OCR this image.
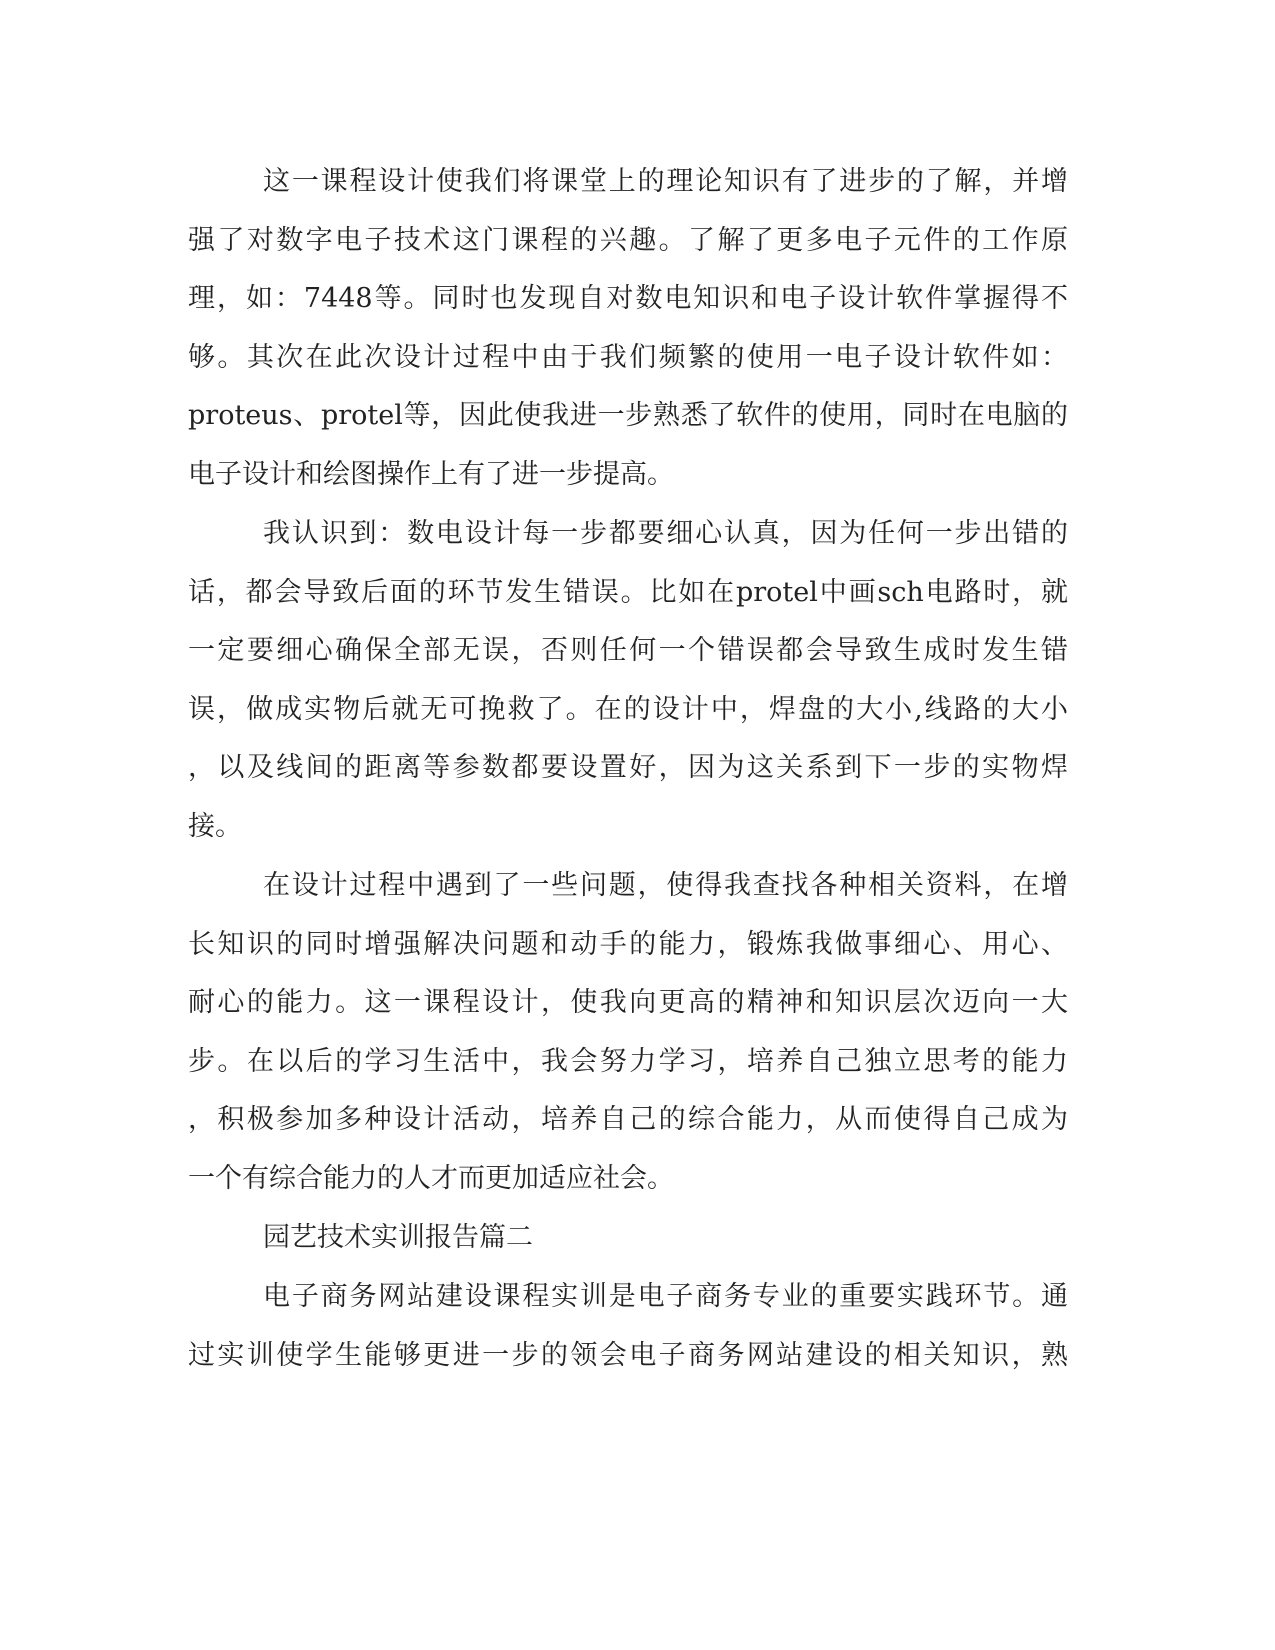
这一课程设计使我们将课堂上的理论知识有了进步的了解，并增
强了对数字电子技术这门课程的兴趣。了解了更多电子元件的工作原
理，如：7448等。同时也发现自对数电知识和电子设计软件掌握得不
够。其次在此次设计过程中由于我们频繁的使用一电子设计软件如：
proteus、protel等，因此使我进一步熟悉了软件的使用，同时在电脑的
电子设计和绘图操作上有了进一步提高。
我认识到：数电设计每一步都要细心认真，因为任何一步出错的
话，都会导致后面的环节发生错误。比如在protel中画sch电路时，就
一定要细心确保全部无误，否则任何一个错误都会导致生成时发生错
误，做成实物后就无可挽救了。在的设计中，焊盘的大小,线路的大小
，以及线间的距离等参数都要设置好，因为这关系到下一步的实物焊
接。
在设计过程中遇到了一些问题，使得我查找各种相关资料，在增
长知识的同时增强解决问题和动手的能力，锻炼我做事细心、用心、
耐心的能力。这一课程设计，使我向更高的精神和知识层次迈向一大
步。在以后的学习生活中，我会努力学习，培养自己独立思考的能力
，积极参加多种设计活动，培养自己的综合能力，从而使得自己成为
一个有综合能力的人才而更加适应社会。
园艺技术实训报告篇二
电子商务网站建设课程实训是电子商务专业的重要实践环节。通
过实训使学生能够更进一步的领会电子商务网站建设的相关知识，熟
